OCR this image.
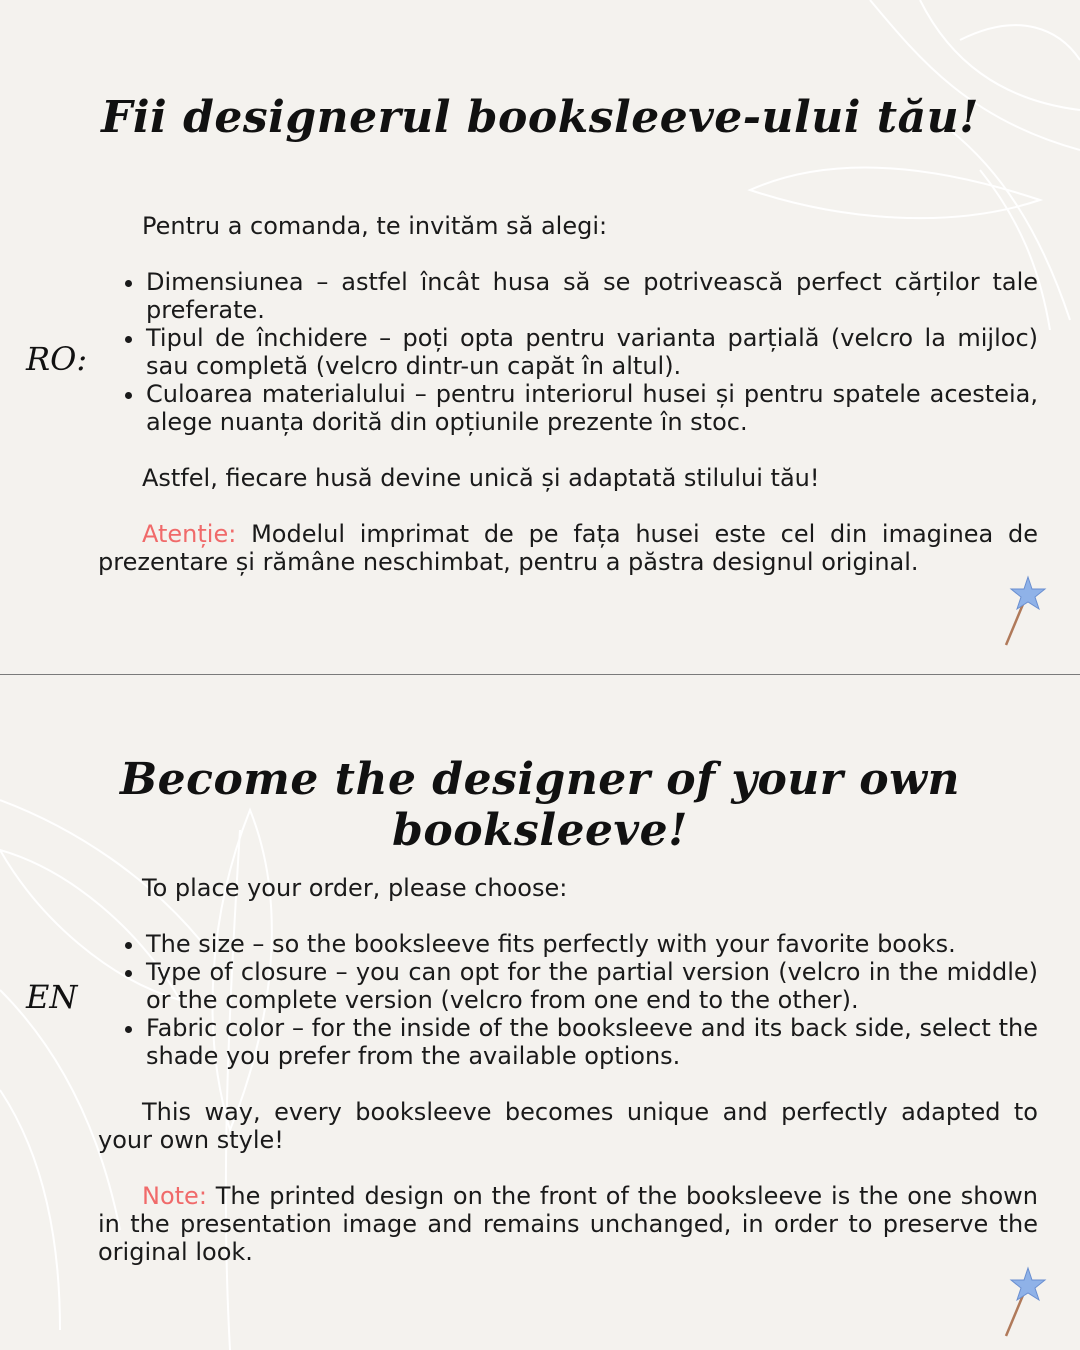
Fii designerul booksleeve-ului tău!
RO:

Pentru a comanda, te invităm să alegi:

• Dimensiunea – astfel încât husa să se potrivească perfect cărților tale preferate.
• Tipul de închidere – poți opta pentru varianta parțială (velcro la mijloc) sau completă (velcro dintr-un capăt în altul).
• Culoarea materialului – pentru interiorul husei și pentru spatele acesteia, alege nuanța dorită din opțiunile prezente în stoc.

Astfel, fiecare husă devine unică și adaptată stilului tău!

Atenție: Modelul imprimat de pe fața husei este cel din imaginea de prezentare și rămâne neschimbat, pentru a păstra designul original.

Become the designer of your own booksleeve!
EN

To place your order, please choose:

• The size – so the booksleeve fits perfectly with your favorite books.
• Type of closure – you can opt for the partial version (velcro in the middle) or the complete version (velcro from one end to the other).
• Fabric color – for the inside of the booksleeve and its back side, select the shade you prefer from the available options.

This way, every booksleeve becomes unique and perfectly adapted to your own style!

Note: The printed design on the front of the booksleeve is the one shown in the presentation image and remains unchanged, in order to preserve the original look.
